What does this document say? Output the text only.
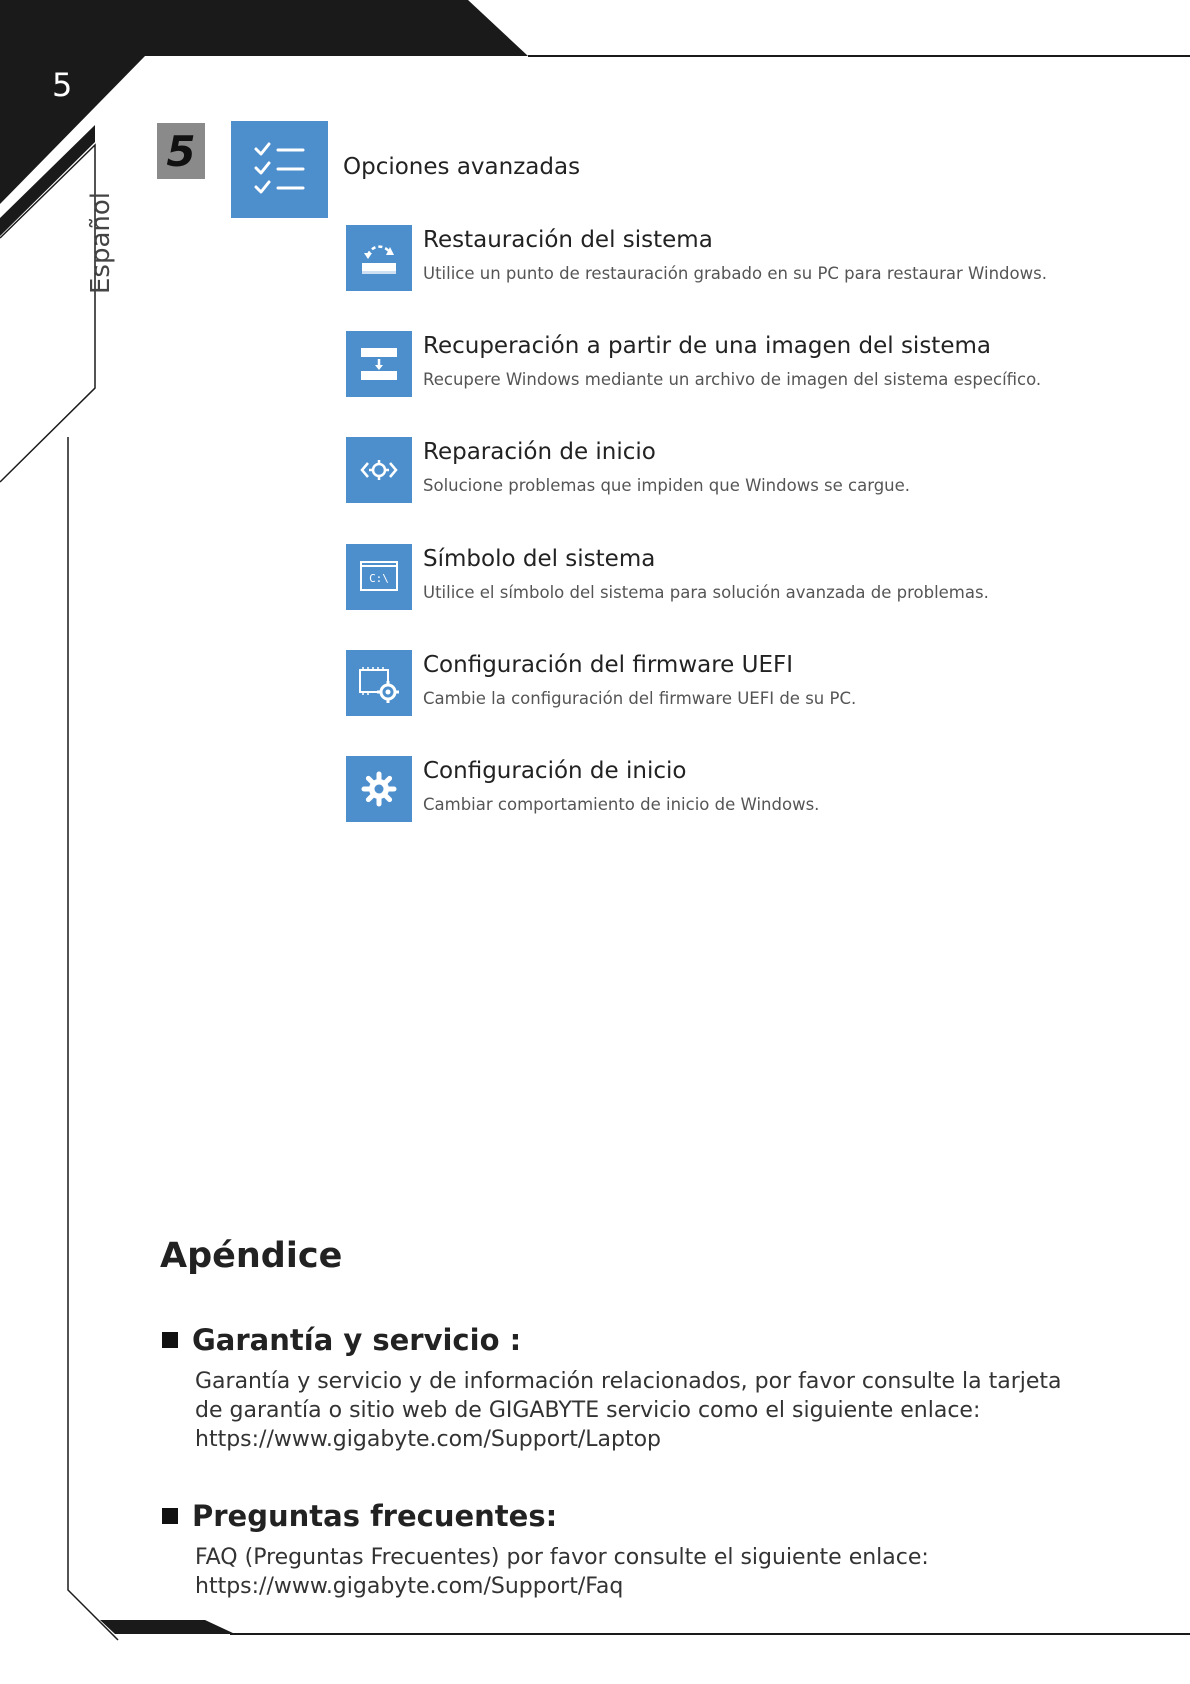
5
Español
5	Opciones avanzadas
Restauración del sistema
Utilice un punto de restauración grabado en su PC para restaurar Windows.
Recuperación a partir de una imagen del sistema
Recupere Windows mediante un archivo de imagen del sistema específico.
Reparación de inicio
Solucione problemas que impiden que Windows se cargue.
C:\
Símbolo del sistema
Utilice el símbolo del sistema para solución avanzada de problemas.
Configuración del firmware UEFI
Cambie la configuración del firmware UEFI de su PC.
Configuración de inicio
Cambiar comportamiento de inicio de Windows.
Apéndice
Garantía y servicio :

Garantía y servicio y de información relacionados, por favor consulte la tarjeta de garantía o sitio web de GIGABYTE servicio como el siguiente enlace:

https://www.gigabyte.com/Support/Laptop

Preguntas frecuentes:

FAQ (Preguntas Frecuentes) por favor consulte el siguiente enlace:

https://www.gigabyte.com/Support/Faq
